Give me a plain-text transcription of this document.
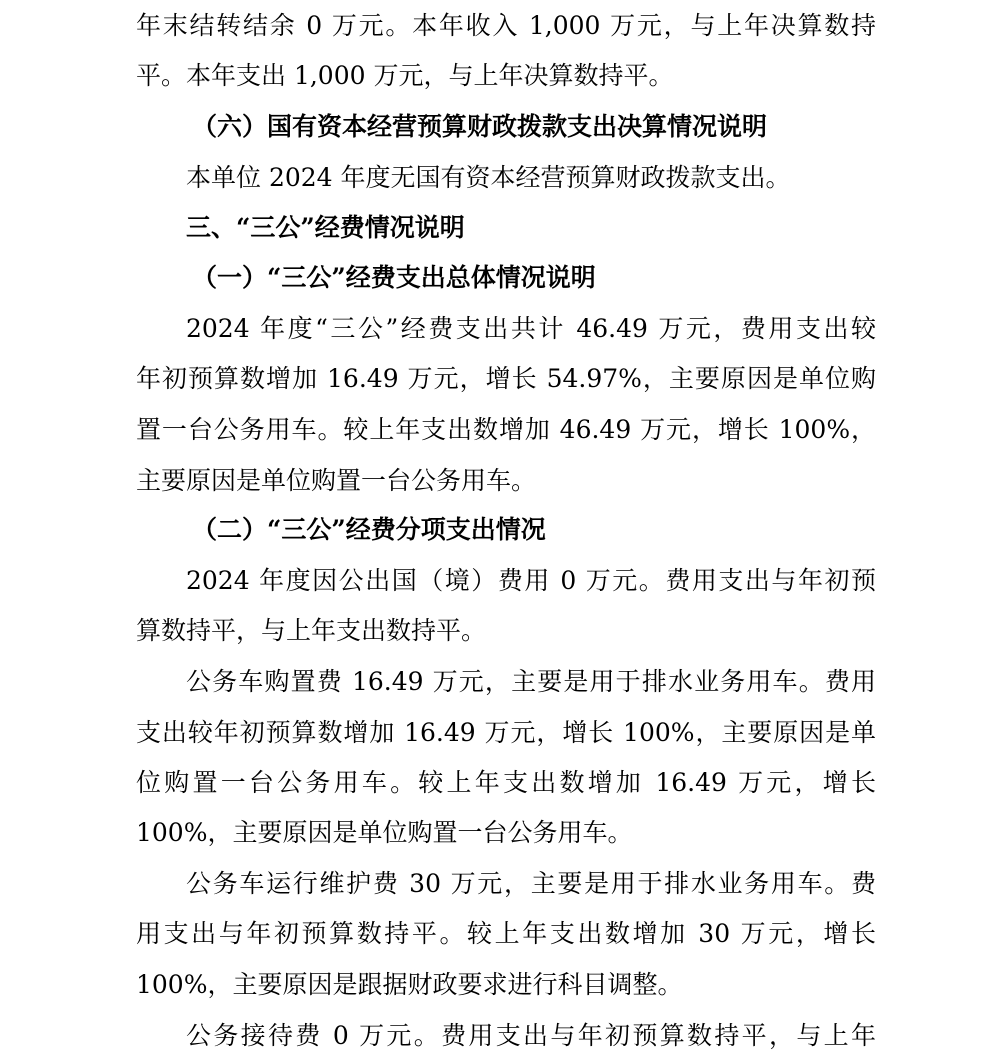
年末结转结余 0 万元。本年收入 1,000 万元，与上年决算数持
平。本年支出 1,000 万元，与上年决算数持平。
（六）国有资本经营预算财政拨款支出决算情况说明
本单位 2024 年度无国有资本经营预算财政拨款支出。
三、“三公”经费情况说明
（一）“三公”经费支出总体情况说明
2024 年度“三公”经费支出共计 46.49 万元，费用支出较
年初预算数增加 16.49 万元，增长 54.97%，主要原因是单位购
置一台公务用车。较上年支出数增加 46.49 万元，增长 100%，
主要原因是单位购置一台公务用车。
（二）“三公”经费分项支出情况
2024 年度因公出国（境）费用 0 万元。费用支出与年初预
算数持平，与上年支出数持平。
公务车购置费 16.49 万元，主要是用于排水业务用车。费用
支出较年初预算数增加 16.49 万元，增长 100%，主要原因是单
位购置一台公务用车。较上年支出数增加 16.49 万元，增长
100%，主要原因是单位购置一台公务用车。
公务车运行维护费 30 万元，主要是用于排水业务用车。费
用支出与年初预算数持平。较上年支出数增加 30 万元，增长
100%，主要原因是跟据财政要求进行科目调整。
公务接待费 0 万元。费用支出与年初预算数持平，与上年
